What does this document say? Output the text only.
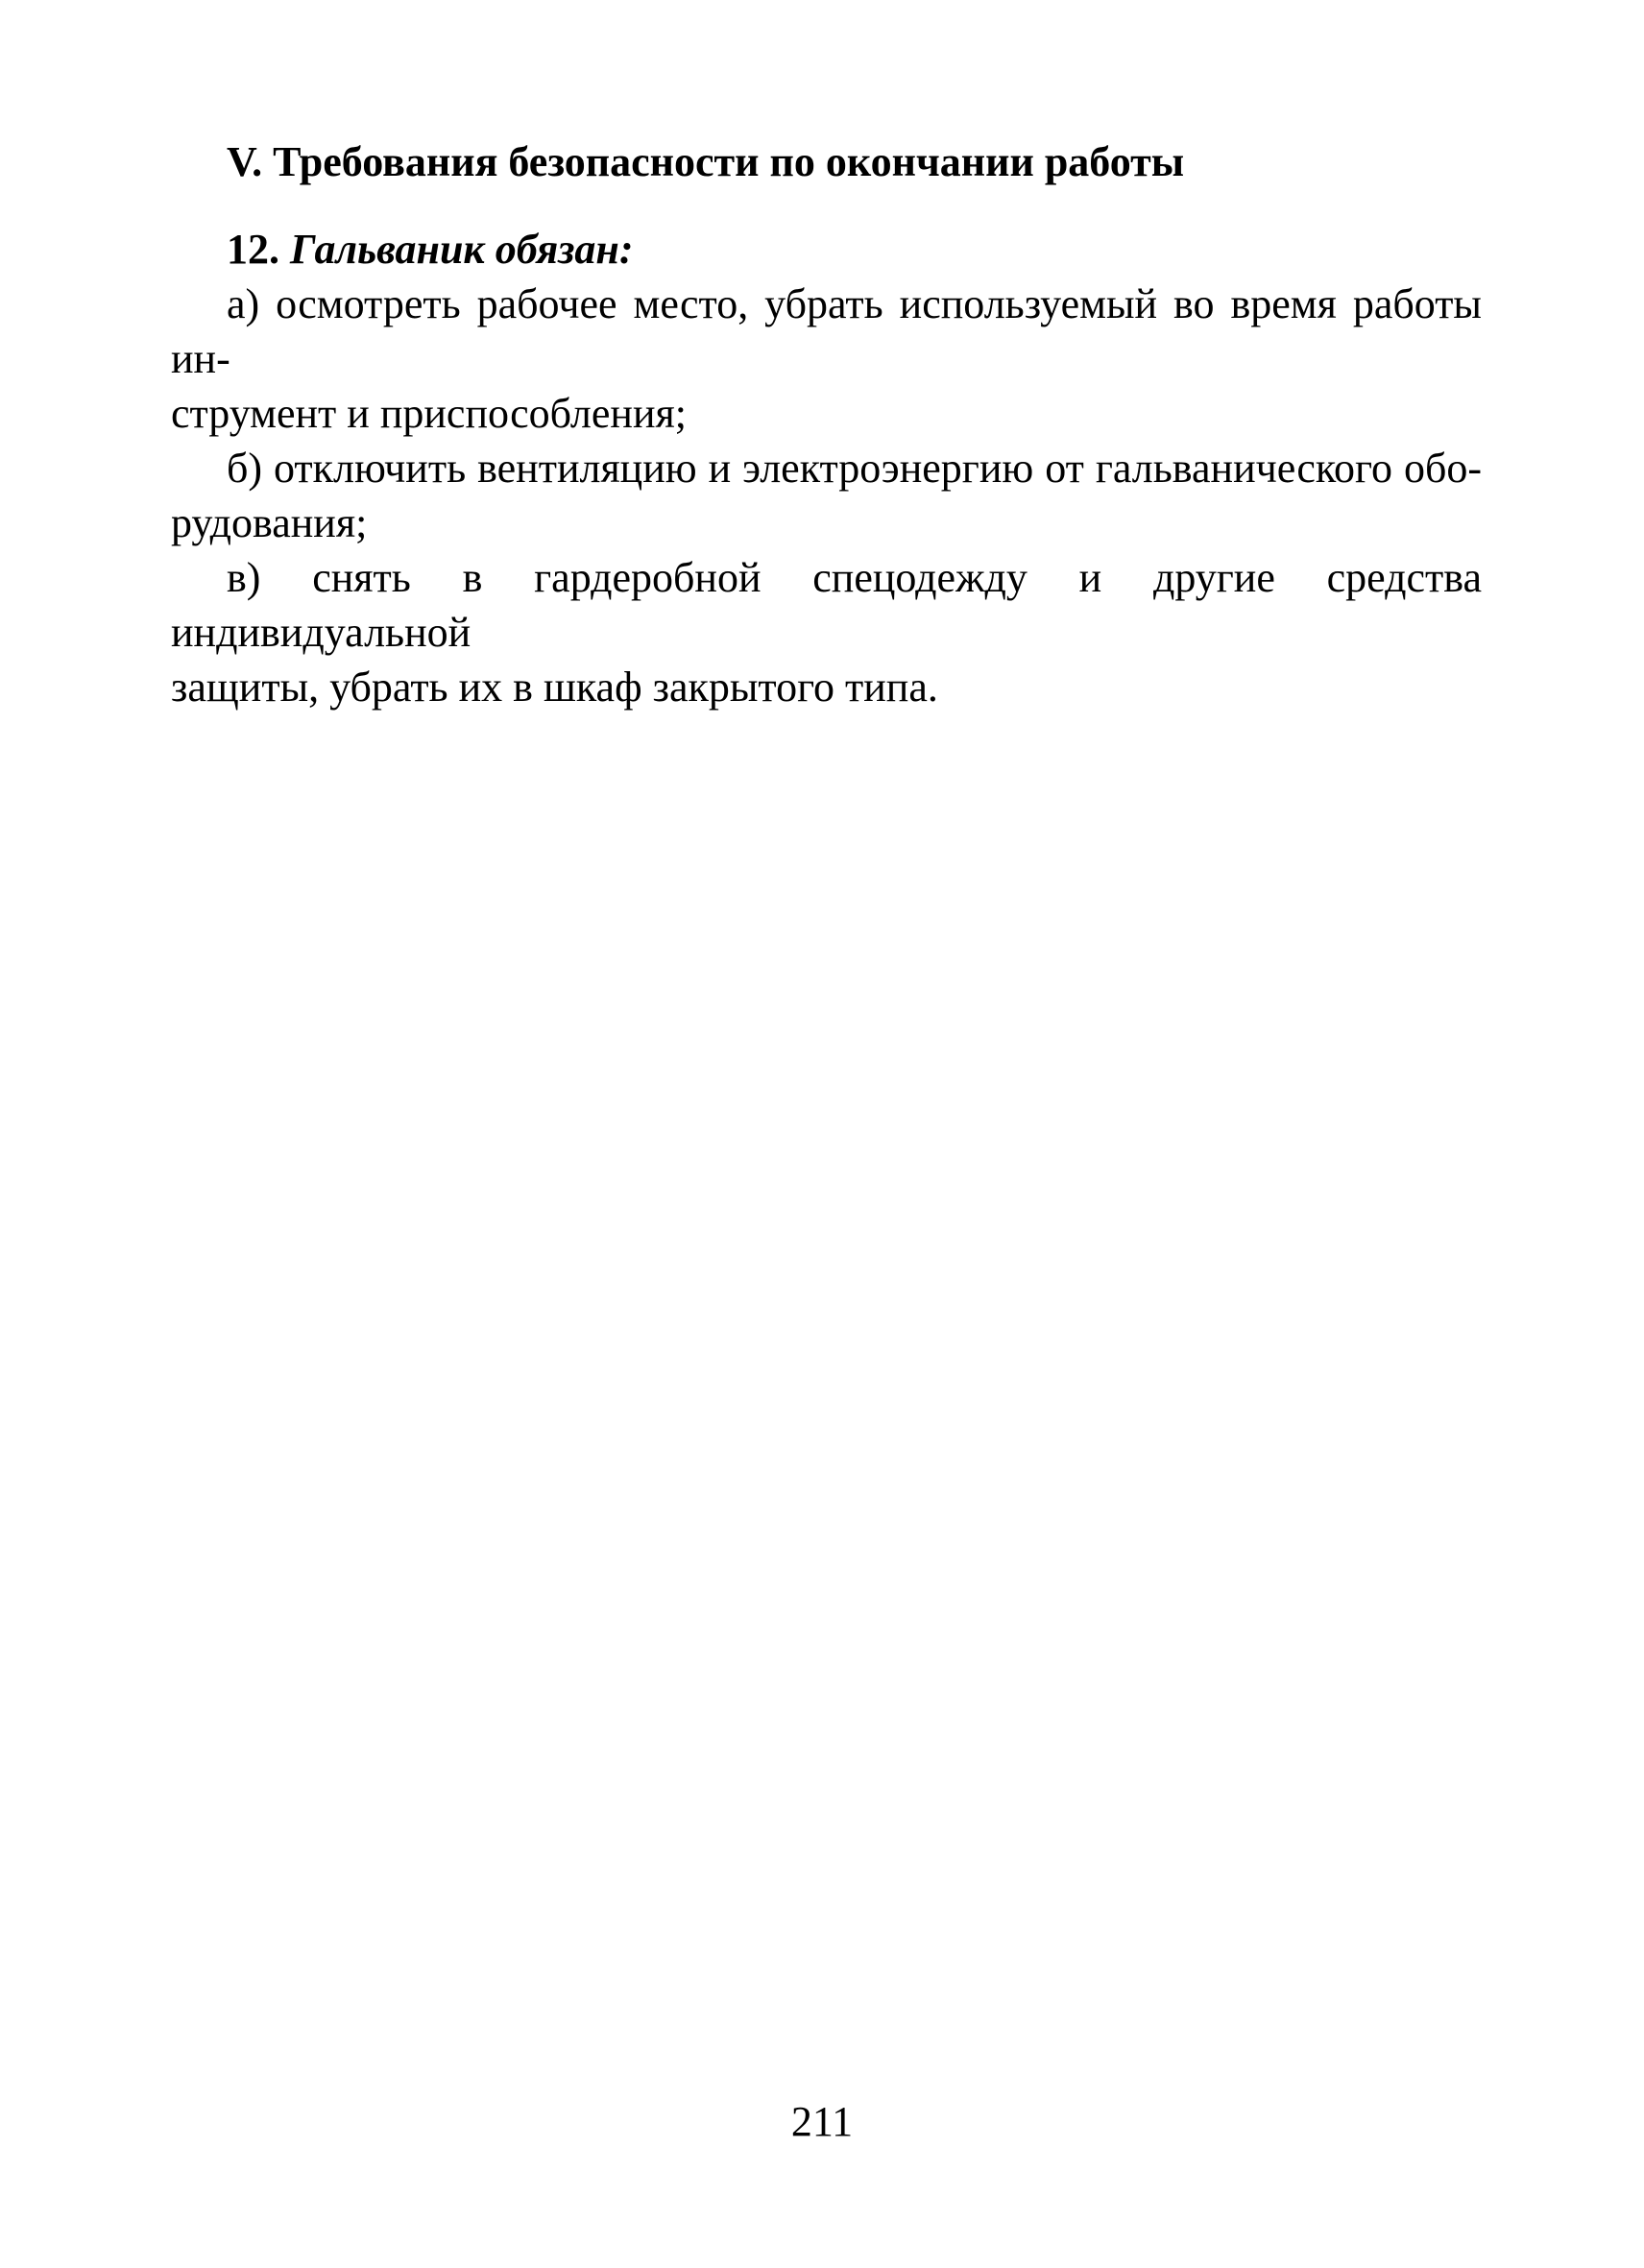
V. Требования безопасности по окончании работы
12. Гальваник обязан:
а) осмотреть рабочее место, убрать используемый во время работы ин-
струмент и приспособления;
б) отключить вентиляцию и электроэнергию от гальванического обо-
рудования;
в) снять в гардеробной спецодежду и другие средства индивидуальной
защиты, убрать их в шкаф закрытого типа.
211
